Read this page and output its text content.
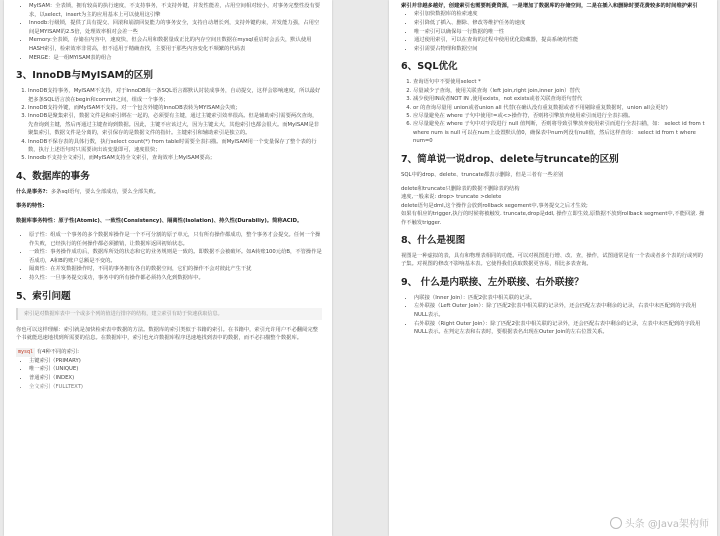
• MyISAM：全表锁，拥有较高的执行速度，不支持事务，不支持外键，并发性能差，占用空间相对较小，对事务完整性没有要求，以select，insert为主的应用基本上可以使用这引擎
• Innodb:行级锁，提供了具有提交、回滚和崩溃回复能力的事务安全，支持自动增长列，支持外键约束，并发能力强，占用空间是MYISAM的2.5倍，处理效率相对会差一些
• Memory:全表锁，存储在内容中，速度快，但会占用和数据量成正比的内存空间且数据在mysql重启时会丢失，默认使用HASH索引，检索效率非常高，但不适用于精确查找，主要用于那些内容变化不频繁的代码表
• MERGE：是一组MYISAM表的组合
3、InnoDB与MyISAM的区别
1. InnoDB支持事务，MyISAM不支持，对于InnoDB每一条SQL语言都默认封装成事务，自动提交，这样会影响速度，所以最好把多条SQL语言放在begin和commit之间，组成一个事务；
2. InnoDB支持外键，而MyISAM不支持。对一个包含外键的InnoDB表转为MYISAM会失败；
3. InnoDB是聚集索引，数据文件是和索引绑在一起的，必须要有主键，通过主键索引效率很高。但是辅助索引需要两次查询，先查询到主键，然后再通过主键查询到数据。因此，主键不应该过大，因为主键太大，其他索引也都会很大。而MyISAM是非聚集索引，数据文件是分离的，索引保存的是数据文件的指针。主键索引和辅助索引是独立的。
4. InnoDB不保存表的具体行数，执行select count(*) from table时需要全表扫描。而MyISAM用一个变量保存了整个表的行数，执行上述语句时只需要读出该变量即可，速度很快；
5. Innodb不支持全文索引，而MyISAM支持全文索引，查询效率上MyISAM要高；
4、数据库的事务

什么是事务?：多条sql语句，要么全部成功，要么全部失败。

事务的特性:

数据库事务特性：原子性(Atomic)、一致性(Consistency)、隔离性(Isolation)、持久性(Durabiliy)。简称ACID。

• 原子性：组成一个事务的多个数据库操作是一个不可分割的原子单元，只有所有操作都成功，整个事务才会提交。任何一个操作失败，已经执行的任何操作都必须撤销，让数据库返回初始状态。
• 一致性：事务操作成功后，数据库所处的状态和它的业务规则是一致的。即数据不会被破坏。如A转账100元给B，不管操作是否成功，A和B的账户总额是不变的。
• 隔离性：在并发数据操作时，不同的事务拥有各自的数据空间，它们的操作不会对彼此产生干扰
• 持久性：一旦事务提交成功，事务中的所有操作都必须持久化到数据库中。
5、索引问题
索引是对数据库表中一个或多个列的值进行排序的结构，建立索引有助于快速获取信息。

你也可以这样理解：索引就是加快检索表中数据的方法。数据库的索引类似于书籍的索引。在书籍中，索引允许用户不必翻阅完整个书就能迅速地找到所需要的信息。在数据库中，索引也允许数据库程序迅速地找到表中的数据，而不必扫描整个数据库。

mysql 有4种不同的索引:

• 主键索引（PRIMARY)
• 唯一索引（UNIQUE)
• 普通索引（INDEX)
• 全文索引（FULLTEXT)

索引并非越多越好，创建索引也需要耗费资源，一是增加了数据库的存储空间，二是在插入和删除时要花费较多的时间维护索引

• 索引加快数据库的检索速度
• 索引降低了插入、删除、修改等维护任务的速度
• 唯一索引可以确保每一行数据的唯一性
• 通过使用索引，可以在查询的过程中使用优化隐藏器，提高系统的性能
• 索引需要占物理和数据空间
6、SQL优化
1. 查询语句中不要使用select *
2. 尽量减少子查询，使用关联查询（left join,right join,inner join）替代
3. 减少使用IN或者NOT IN ,使用exists，not exists或者关联查询语句替代
4. or 的查询尽量用 union或者union all 代替(在确认没有重复数据或者不用剔除重复数据时，union all会更好)
5. 应尽量避免在 where 子句中使用!=或<>操作符，否则将引擎放弃使用索引而进行全表扫描。
6. 应尽量避免在 where 子句中对字段进行 null 值判断，否则将导致引擎放弃使用索引而进行全表扫描，如： select id from t where num is null 可以在num上设置默认值0，确保表中num列没有null值，然后这样查询： select id from t where num=0
7、简单说一说drop、delete与truncate的区别

SQL中的drop、delete、truncate都表示删除，但是三者有一些差别

delete和truncate只删除表的数据不删除表的结构

速度,一般来说: drop> truncate >delete

delete语句是dml,这个操作会放到rollback segement中,事务提交之后才生效;

如果有相应的trigger,执行的时候将被触发. truncate,drop是ddl, 操作立即生效,原数据不放到rollback segment中,不能回滚. 操作不触发trigger.

8、什么是视图

视图是一种虚拟的表，具有和物理表相同的功能。可以对视图进行增、改、查，操作，试图通常是有一个表或者多个表的行或列的子集。对视图的修改不影响基本表。它使得我们获取数据更容易，相比多表查询。

9、 什么是内联接、左外联接、右外联接？
• 内联接（Inner Join）：匹配2张表中相关联的记录。
• 左外联接（Left Outer Join）：除了匹配2张表中相关联的记录外，还会匹配左表中剩余的记录，右表中未匹配到的字段用NULL表示。
• 右外联接（Right Outer Join）：除了匹配2张表中相关联的记录外，还会匹配右表中剩余的记录，左表中未匹配到的字段用NULL表示。在判定左表和右表时，要根据表名出现在Outer Join的左右位置关系。
头条 @Java架构师
